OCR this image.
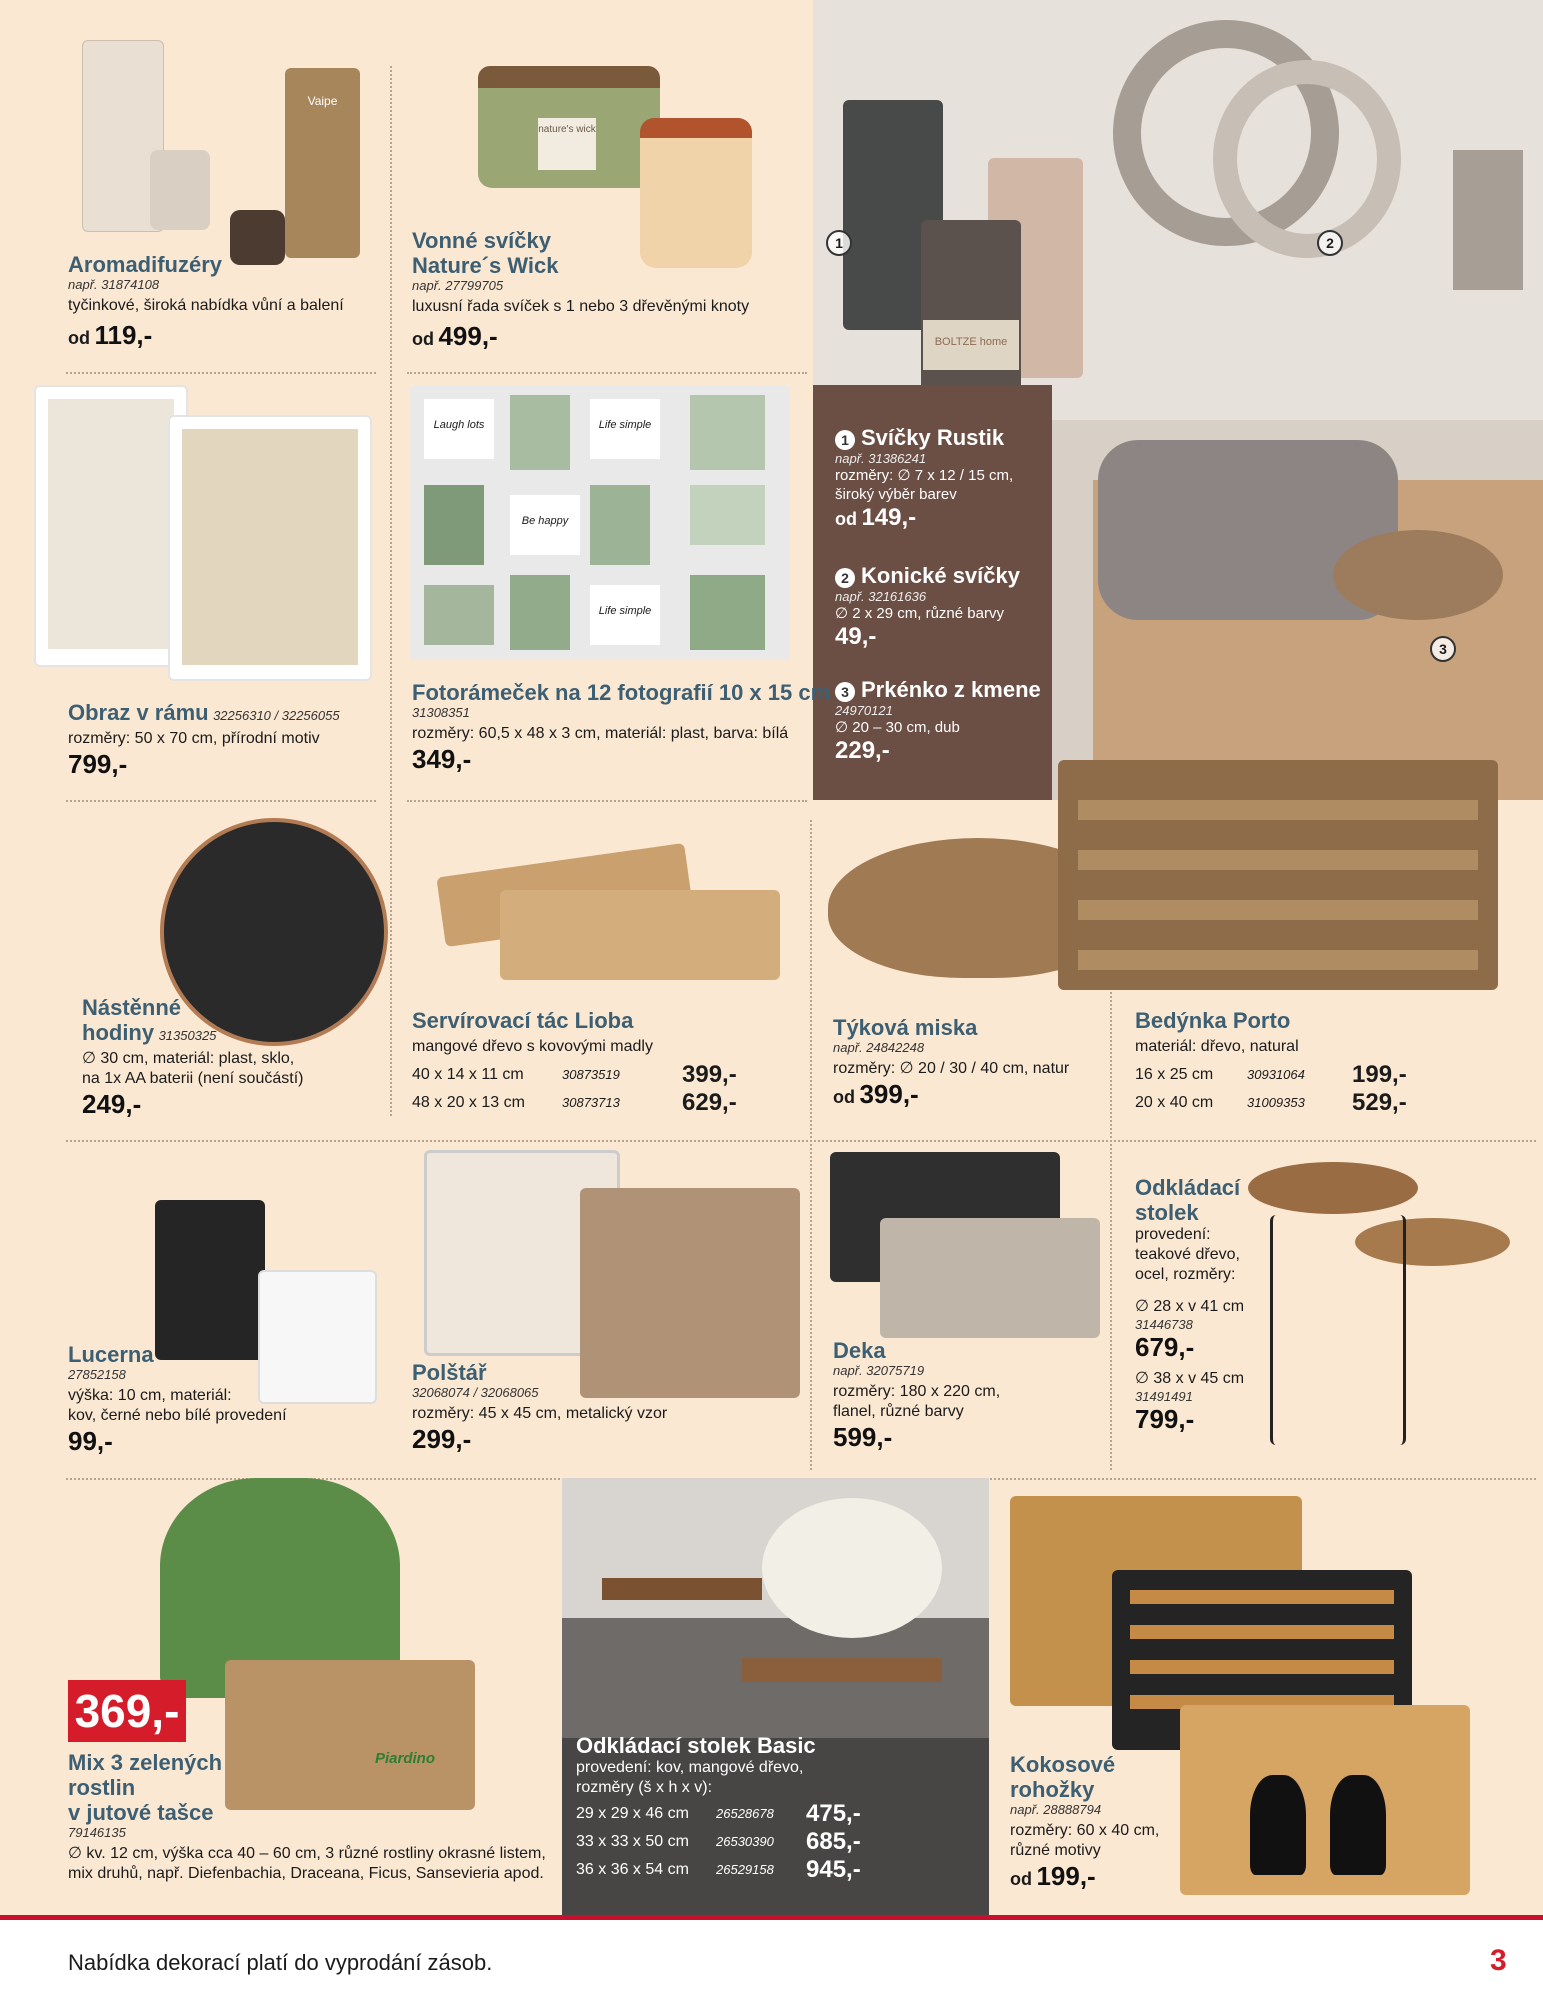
Vaipe
Aromadifuzéry
např. 31874108
tyčinkové, široká nabídka vůní a balení
od 119,-
nature's wick
Vonné svíčky
Nature´s Wick
např. 27799705
luxusní řada svíček s 1 nebo 3 dřevěnými knoty
od 499,-	BOLTZE home
1	2
3
1 Svíčky Rustik
např. 31386241
rozměry: ∅ 7 x 12 / 15 cm,
široký výběr barev
od 149,-
2 Konické svíčky
např. 32161636
∅ 2 x 29 cm, různé barvy
49,-
3 Prkénko z kmene
24970121
∅ 20 – 30 cm, dub
229,-
Obraz v rámu 32256310 / 32256055
rozměry: 50 x 70 cm, přírodní motiv
799,-
Laugh lots	Life simple
Be happy
Life simple
Fotorámeček na 12 fotografií 10 x 15 cm
31308351
rozměry: 60,5 x 48 x 3 cm, materiál: plast, barva: bílá
349,-
Nástěnné
hodiny 31350325
∅ 30 cm, materiál: plast, sklo,
na 1x AA baterii (není součástí)
249,-
Servírovací tác Lioba
mangové dřevo s kovovými madly
40 x 14 x 11 cm	30873519	399,-
48 x 20 x 13 cm	30873713	629,-
Týková miska
např. 24842248
rozměry: ∅ 20 / 30 / 40 cm, natur
od 399,-
Bedýnka Porto
materiál: dřevo, natural
16 x 25 cm	30931064	199,-
20 x 40 cm	31009353	529,-
Lucerna
27852158
výška: 10 cm, materiál:
kov, černé nebo bílé provedení
99,-
Polštář
32068074 / 32068065
rozměry: 45 x 45 cm, metalický vzor
299,-
Deka
např. 32075719
rozměry: 180 x 220 cm,
flanel, různé barvy
599,-
Odkládací
stolek
provedení:
teakové dřevo,
ocel, rozměry:
∅ 28 x v 41 cm
31446738
679,-
∅ 38 x v 45 cm
31491491
799,-
Piardino
369,-
Mix 3 zelených
rostlin
v jutové tašce
79146135
∅ kv. 12 cm, výška cca 40 – 60 cm, 3 různé rostliny okrasné listem,
mix druhů, např. Diefenbachia, Draceana, Ficus, Sansevieria apod.
Odkládací stolek Basic
provedení: kov, mangové dřevo,
rozměry (š x h x v):
29 x 29 x 46 cm	26528678	475,-
33 x 33 x 50 cm	26530390	685,-
36 x 36 x 54 cm	26529158	945,-
Kokosové
rohožky
např. 28888794
rozměry: 60 x 40 cm,
různé motivy
od 199,-
Nabídka dekorací platí do vyprodání zásob.	3
